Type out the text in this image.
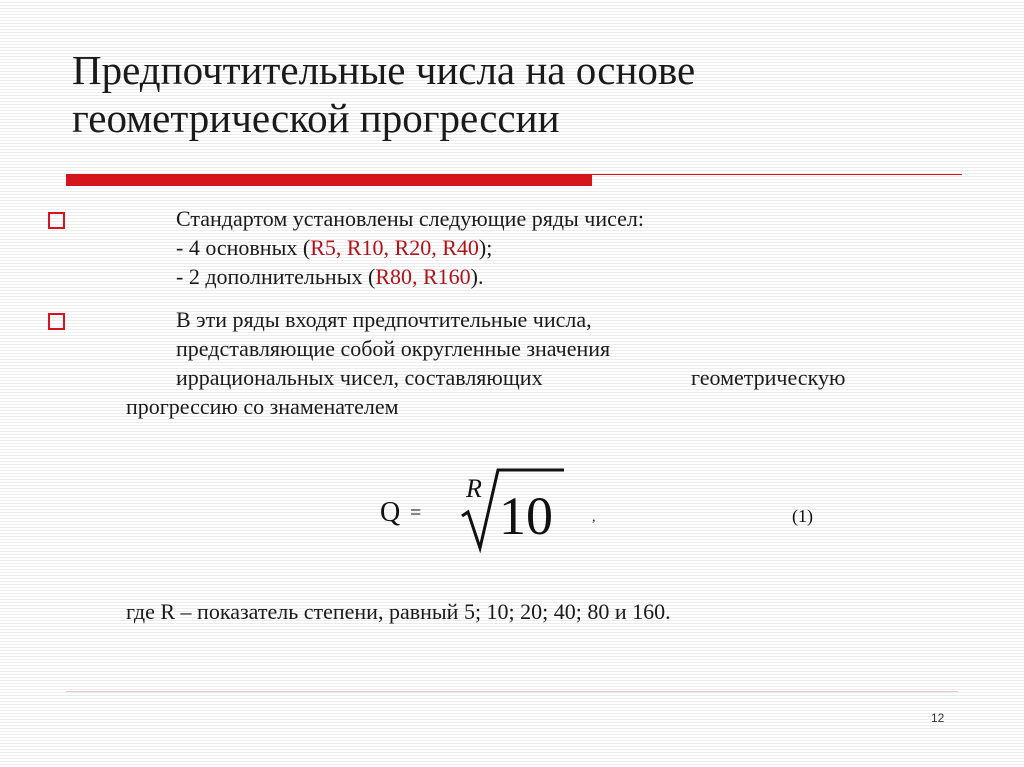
Предпочтительные числа на основе
геометрической прогрессии
Стандартом установлены следующие ряды чисел:
- 4 основных (R5, R10, R20, R40);
- 2 дополнительных (R80, R160).
В эти ряды входят предпочтительные числа,
представляющие собой округленные значения
иррациональных чисел, составляющих	геометрическую
прогрессию со знаменателем
Q =
R 10	,	(1)
где R – показатель степени, равный 5; 10; 20; 40; 80 и 160.
12
